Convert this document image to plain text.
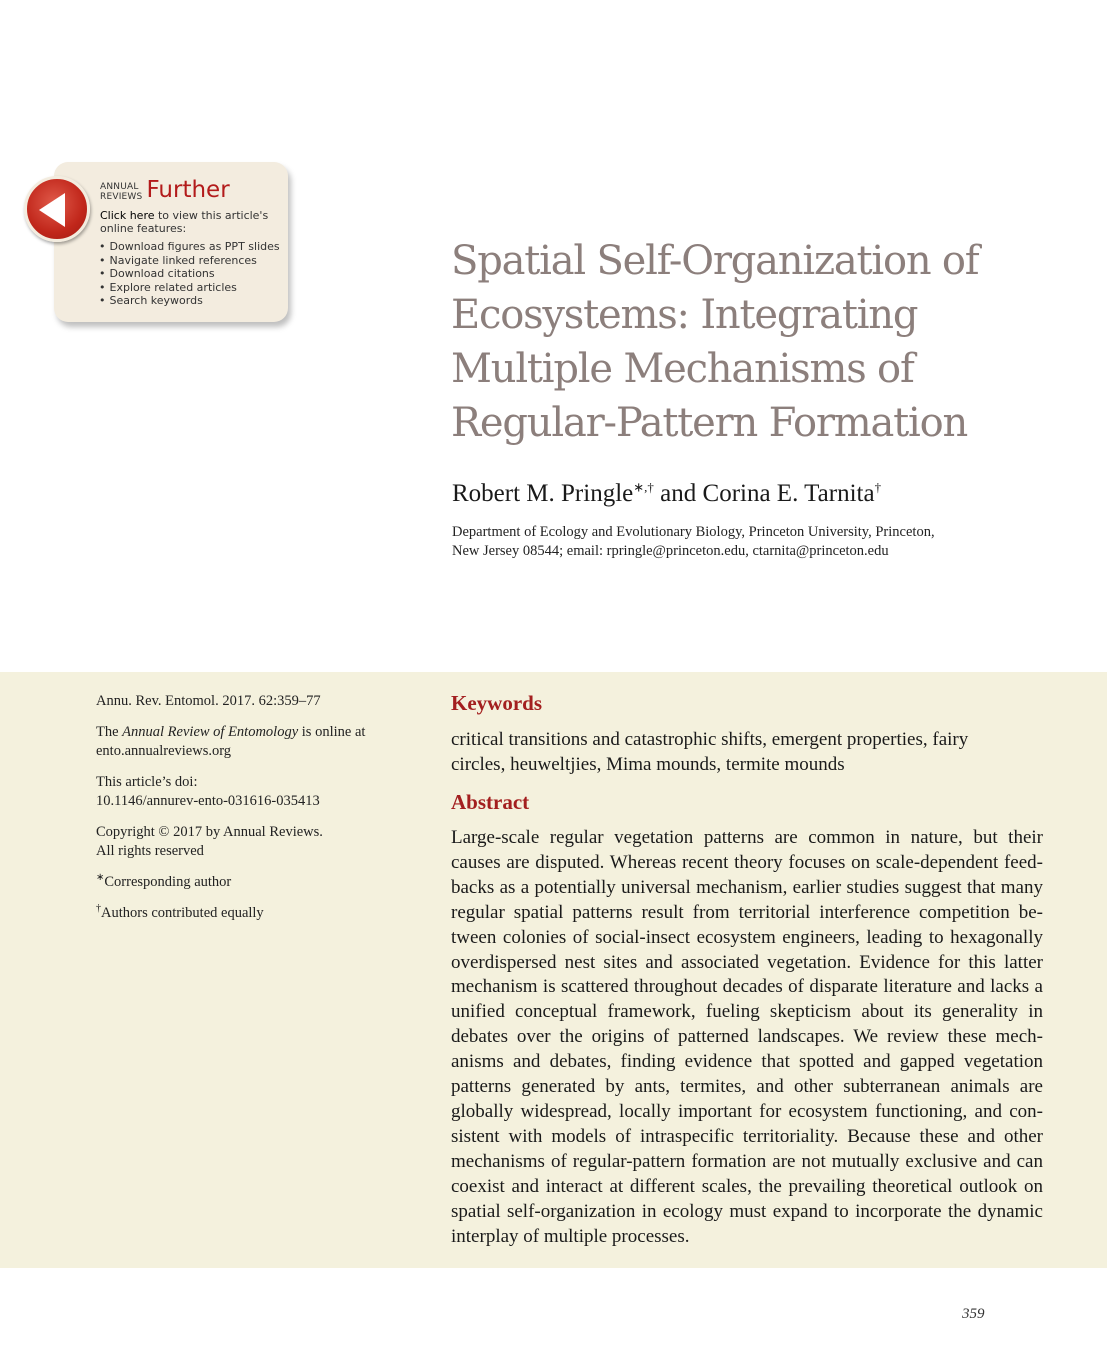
ANNUAL
REVIEWS Further
Click here to view this article's online features:
• Download figures as PPT slides
• Navigate linked references
• Download citations
• Explore related articles
• Search keywords
Spatial Self-Organization of
Ecosystems: Integrating
Multiple Mechanisms of
Regular-Pattern Formation
Robert M. Pringle∗,† and Corina E. Tarnita†
Department of Ecology and Evolutionary Biology, Princeton University, Princeton,
New Jersey 08544; email: rpringle@princeton.edu, ctarnita@princeton.edu

Annu. Rev. Entomol. 2017. 62:359–77

The Annual Review of Entomology is online at
ento.annualreviews.org

This article’s doi:
10.1146/annurev-ento-031616-035413

Copyright © 2017 by Annual Reviews.
All rights reserved

∗Corresponding author

†Authors contributed equally

Keywords
critical transitions and catastrophic shifts, emergent properties, fairy circles, heuweltjies, Mima mounds, termite mounds
Abstract
Large-scale regular vegetation patterns are common in nature, but their causes are disputed. Whereas recent theory focuses on scale-dependent feedbacks as a potentially universal mechanism, earlier studies suggest that many regular spatial patterns result from territorial interference competition between colonies of social-insect ecosystem engineers, leading to hexagonally overdispersed nest sites and associated vegetation. Evidence for this latter mechanism is scattered throughout decades of disparate literature and lacks a unified conceptual framework, fueling skepticism about its generality in debates over the origins of patterned landscapes. We review these mechanisms and debates, finding evidence that spotted and gapped vegetation patterns generated by ants, termites, and other subterranean animals are globally widespread, locally important for ecosystem functioning, and consistent with models of intraspecific territoriality. Because these and other mechanisms of regular-pattern formation are not mutually exclusive and can coexist and interact at different scales, the prevailing theoretical outlook on spatial self-organization in ecology must expand to incorporate the dynamic interplay of multiple processes.
359
